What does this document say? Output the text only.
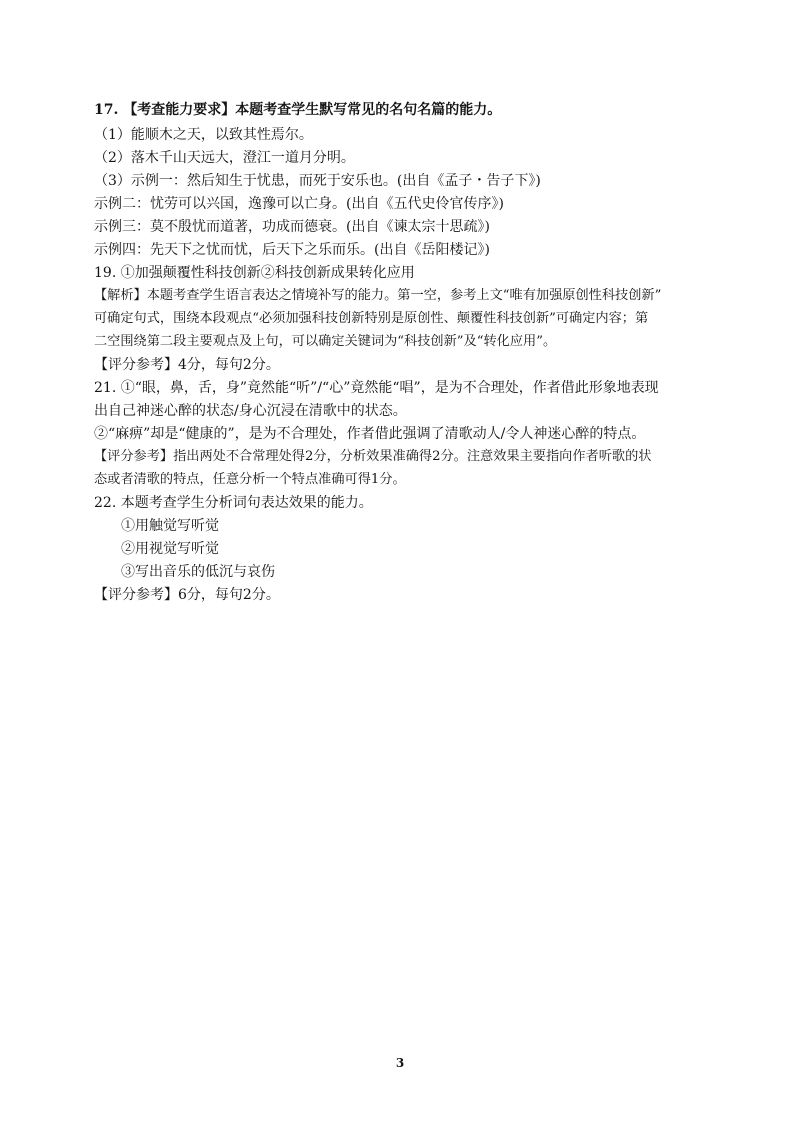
17. 【考查能力要求】本题考查学生默写常见的名句名篇的能力。
（1）能顺木之天，以致其性焉尔。
（2）落木千山天远大，澄江一道月分明。
（3）示例一：然后知生于忧患，而死于安乐也。(出自《孟子・告子下》)
示例二：忧劳可以兴国，逸豫可以亡身。(出自《五代史伶官传序》)
示例三：莫不殷忧而道著，功成而德衰。(出自《谏太宗十思疏》)
示例四：先天下之忧而忧，后天下之乐而乐。(出自《岳阳楼记》)
19. ①加强颠覆性科技创新②科技创新成果转化应用
【解析】本题考查学生语言表达之情境补写的能力。第一空，参考上文“唯有加强原创性科技创新”
可确定句式，围绕本段观点“必须加强科技创新特别是原创性、颠覆性科技创新”可确定内容；第
二空围绕第二段主要观点及上句，可以确定关键词为“科技创新”及“转化应用”。
【评分参考】4分，每句2分。
21. ①“眼，鼻，舌，身”竟然能“听”/“心”竟然能“唱”，是为不合理处，作者借此形象地表现
出自己神迷心醉的状态/身心沉浸在清歌中的状态。
②“麻痹”却是“健康的”，是为不合理处，作者借此强调了清歌动人/令人神迷心醉的特点。
【评分参考】指出两处不合常理处得2分，分析效果准确得2分。注意效果主要指向作者听歌的状
态或者清歌的特点，任意分析一个特点准确可得1分。
22. 本题考查学生分析词句表达效果的能力。
①用触觉写听觉
②用视觉写听觉
③写出音乐的低沉与哀伤
【评分参考】6分，每句2分。
3
